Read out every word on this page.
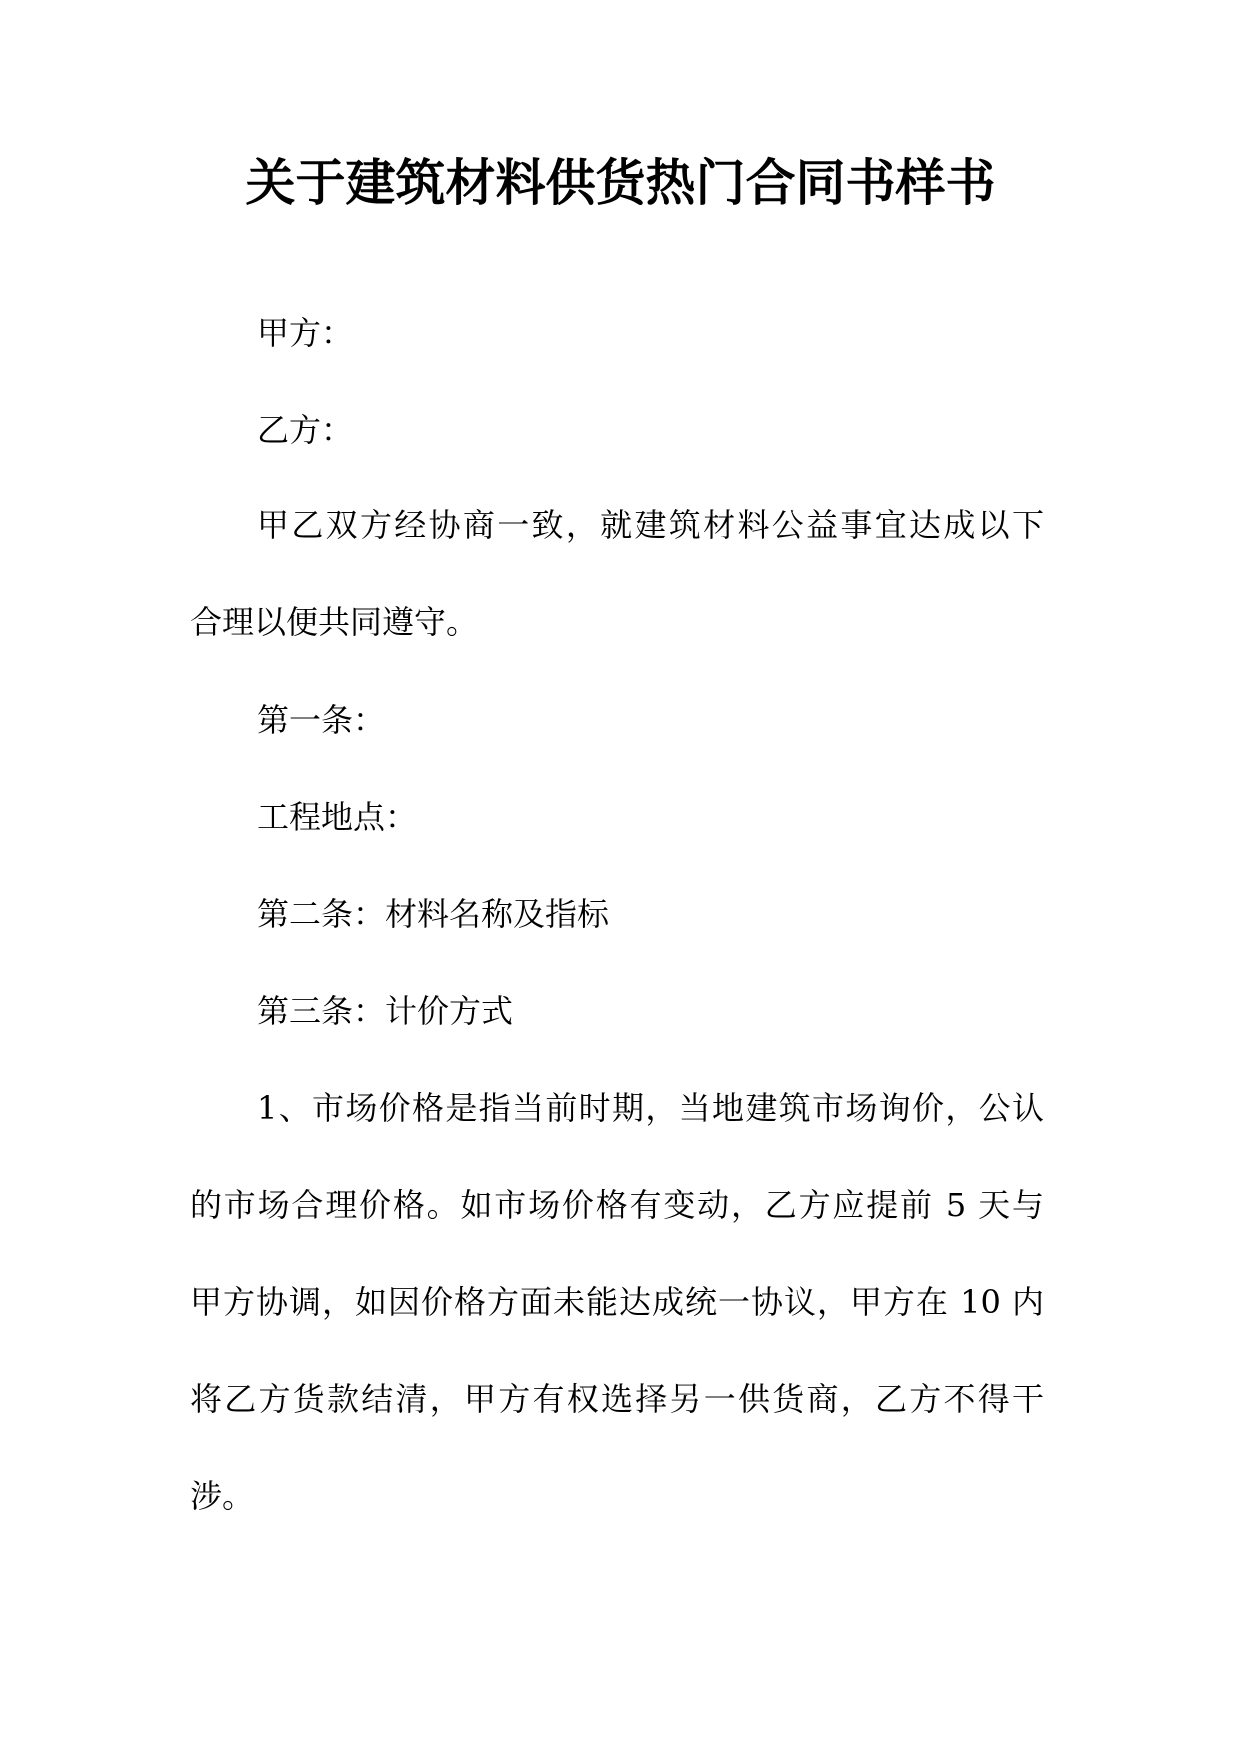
关于建筑材料供货热门合同书样书
甲方：
乙方：
甲乙双方经协商一致，就建筑材料公益事宜达成以下
合理以便共同遵守。
第一条：
工程地点：
第二条：材料名称及指标
第三条：计价方式
1、市场价格是指当前时期，当地建筑市场询价，公认
的市场合理价格。如市场价格有变动，乙方应提前 5 天与
甲方协调，如因价格方面未能达成统一协议，甲方在 10 内
将乙方货款结清，甲方有权选择另一供货商，乙方不得干
涉。
